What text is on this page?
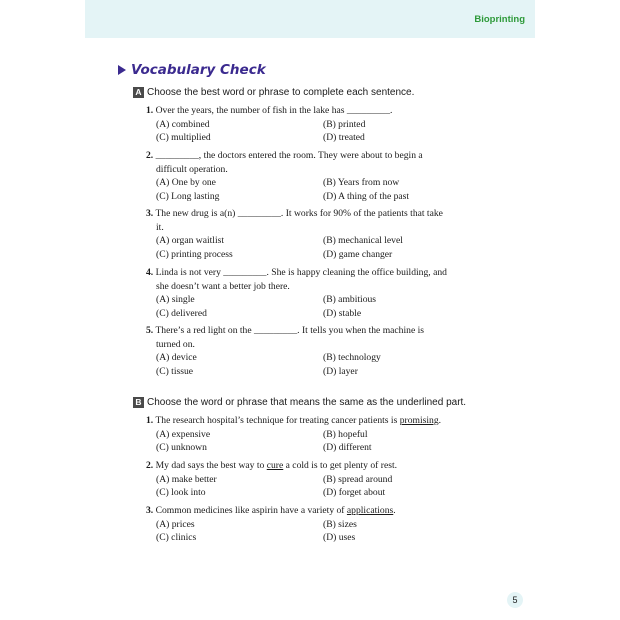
Bioprinting
Vocabulary Check
A Choose the best word or phrase to complete each sentence.
1. Over the years, the number of fish in the lake has _________.
(A) combined	(B) printed
(C) multiplied	(D) treated
2. _________, the doctors entered the room. They were about to begin a
difficult operation.
(A) One by one	(B) Years from now
(C) Long lasting	(D) A thing of the past
3. The new drug is a(n) _________. It works for 90% of the patients that take
it.
(A) organ waitlist	(B) mechanical level
(C) printing process	(D) game changer
4. Linda is not very _________. She is happy cleaning the office building, and
she doesn’t want a better job there.
(A) single	(B) ambitious
(C) delivered	(D) stable
5. There’s a red light on the _________. It tells you when the machine is
turned on.
(A) device	(B) technology
(C) tissue	(D) layer
B Choose the word or phrase that means the same as the underlined part.
1. The research hospital’s technique for treating cancer patients is promising.
(A) expensive	(B) hopeful
(C) unknown	(D) different
2. My dad says the best way to cure a cold is to get plenty of rest.
(A) make better	(B) spread around
(C) look into	(D) forget about
3. Common medicines like aspirin have a variety of applications.
(A) prices	(B) sizes
(C) clinics	(D) uses
5
